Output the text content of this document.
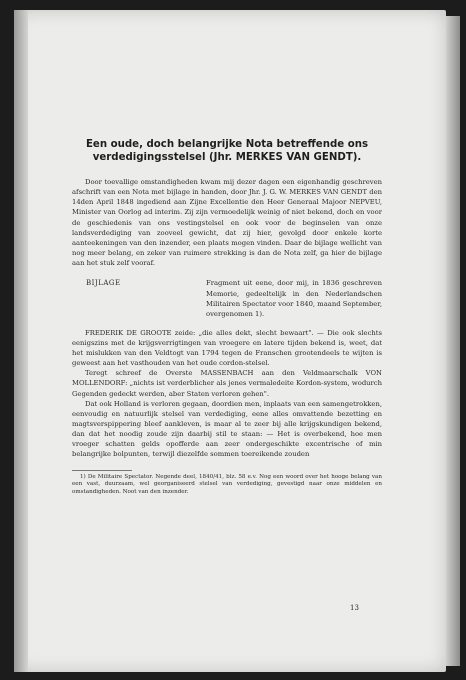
Een oude, doch belangrijke Nota betreffende ons verdedigingsstelsel (Jhr. MERKES VAN GENDT).

Door toevallige omstandigheden kwam mij dezer dagen een eigenhandig geschreven afschrift van een Nota met bijlage in handen, door Jhr. J. G. W. MERKES VAN GENDT den 14den April 1848 ingediend aan Zijne Excellentie den Heer Generaal Majoor NEPVEU, Minister van Oorlog ad interim. Zij zijn vermoedelijk weinig of niet bekend, doch en voor de geschiedenis van ons vestingstelsel en ook voor de beginselen van onze landsverdediging van zooveel gewicht, dat zij hier, gevolgd door enkele korte aanteekeningen van den inzender, een plaats mogen vinden. Daar de bijlage wellicht van nog meer belang, en zeker van ruimere strekking is dan de Nota zelf, ga hier de bijlage aan het stuk zelf vooraf.

BIJLAGE	Fragment uit eene, door mij, in 1836 geschreven Memorie, gedeeltelijk in den Nederlandschen Militairen Spectator voor 1840, maand September, overgenomen 1).

FREDERIK DE GROOTE zeide: „die alles dekt, slecht bewaart". — Die ook slechts eenigszins met de krijgsverrigtingen van vroegere en latere tijden bekend is, weet, dat het mislukken van den Veldtogt van 1794 tegen de Franschen grootendeels te wijten is geweest aan het vasthouden van het oude cordon-stelsel.

Teregt schreef de Overste MASSENBACH aan den Veldmaarschalk VON MOLLENDORF: „nichts ist verderblicher als jenes vermaledeite Kordon-system, wodurch Gegenden gedeckt werden, aber Staten verloren gehen".

Dat ook Holland is verloren gegaan, doordien men, inplaats van een samengetrokken, eenvoudig en natuurlijk stelsel van verdediging, eene alles omvattende bezetting en magtsverspippering bleef aankleven, is maar al te zeer bij alle krijgskundigen bekend, dan dat het noodig zoude zijn daarbij stil te staan: — Het is overbekend, hoe men vroeger schatten gelds opofferde aan zeer ondergeschikte excentrische of min belangrijke bolpunten, terwijl diezelfde sommen toereikende zouden

1) De Militaire Spectator. Negende deel, 1840/41, blz. 58 e.v. Nog een woord over het hooge belang van een vast, duurzaam, wel georganiseerd stelsel van verdediging, gevestigd naar onze middelen en omstandigheden. Noot van den inzender.

13
